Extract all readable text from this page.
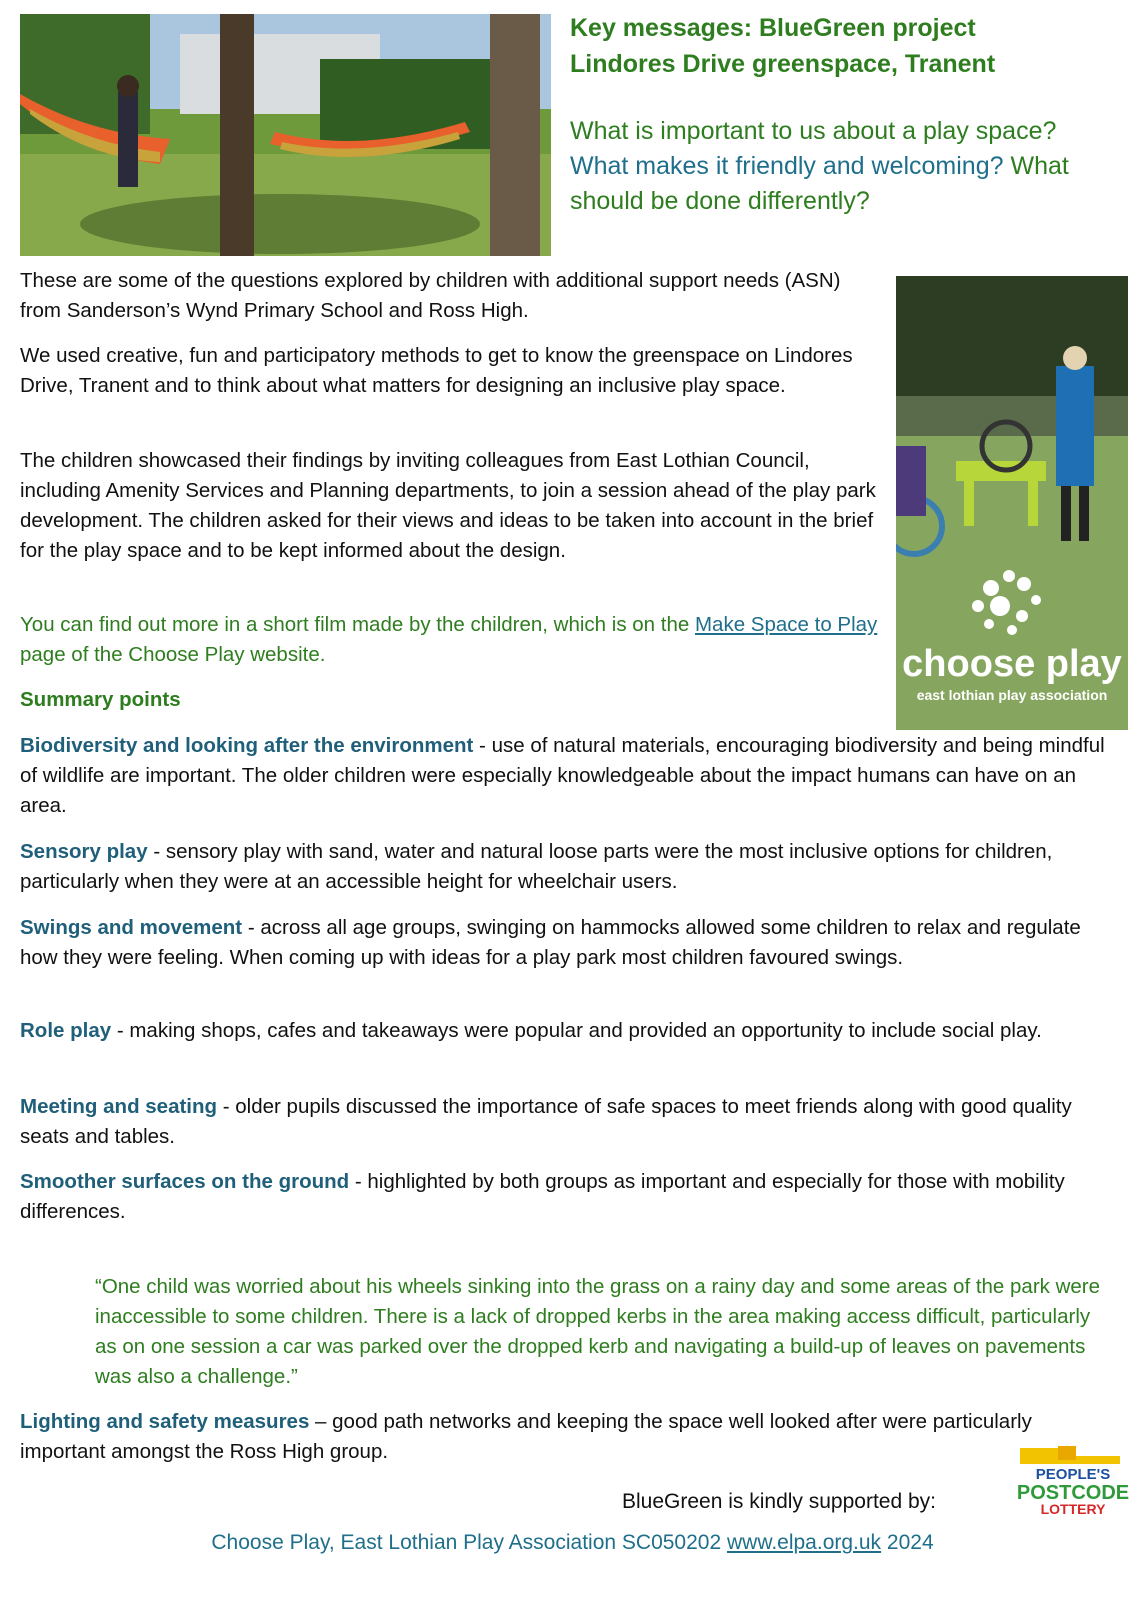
Key messages: BlueGreen project
Lindores Drive greenspace, Tranent
What is important to us about a play space? What makes it friendly and welcoming? What should be done differently?
choose play
east lothian play association

These are some of the questions explored by children with additional support needs (ASN) from Sanderson’s Wynd Primary School and Ross High.

We used creative, fun and participatory methods to get to know the greenspace on Lindores Drive, Tranent and to think about what matters for designing an inclusive play space.

The children showcased their findings by inviting colleagues from East Lothian Council, including Amenity Services and Planning departments, to join a session ahead of the play park development. The children asked for their views and ideas to be taken into account in the brief for the play space and to be kept informed about the design.

You can find out more in a short film made by the children, which is on the Make Space to Play page of the Choose Play website.

Summary points

Biodiversity and looking after the environment - use of natural materials, encouraging biodiversity and being mindful of wildlife are important. The older children were especially knowledgeable about the impact humans can have on an area.

Sensory play - sensory play with sand, water and natural loose parts were the most inclusive options for children, particularly when they were at an accessible height for wheelchair users.

Swings and movement - across all age groups, swinging on hammocks allowed some children to relax and regulate how they were feeling. When coming up with ideas for a play park most children favoured swings.

Role play - making shops, cafes and takeaways were popular and provided an opportunity to include social play.

Meeting and seating - older pupils discussed the importance of safe spaces to meet friends along with good quality seats and tables.

Smoother surfaces on the ground - highlighted by both groups as important and especially for those with mobility differences.

“One child was worried about his wheels sinking into the grass on a rainy day and some areas of the park were inaccessible to some children. There is a lack of dropped kerbs in the area making access difficult, particularly as on one session a car was parked over the dropped kerb and navigating a build-up of leaves on pavements was also a challenge.”

Lighting and safety measures – good path networks and keeping the space well looked after were particularly important amongst the Ross High group.

BlueGreen is kindly supported by:
PEOPLE'S
POSTCODE
LOTTERY
Choose Play, East Lothian Play Association SC050202 www.elpa.org.uk 2024
